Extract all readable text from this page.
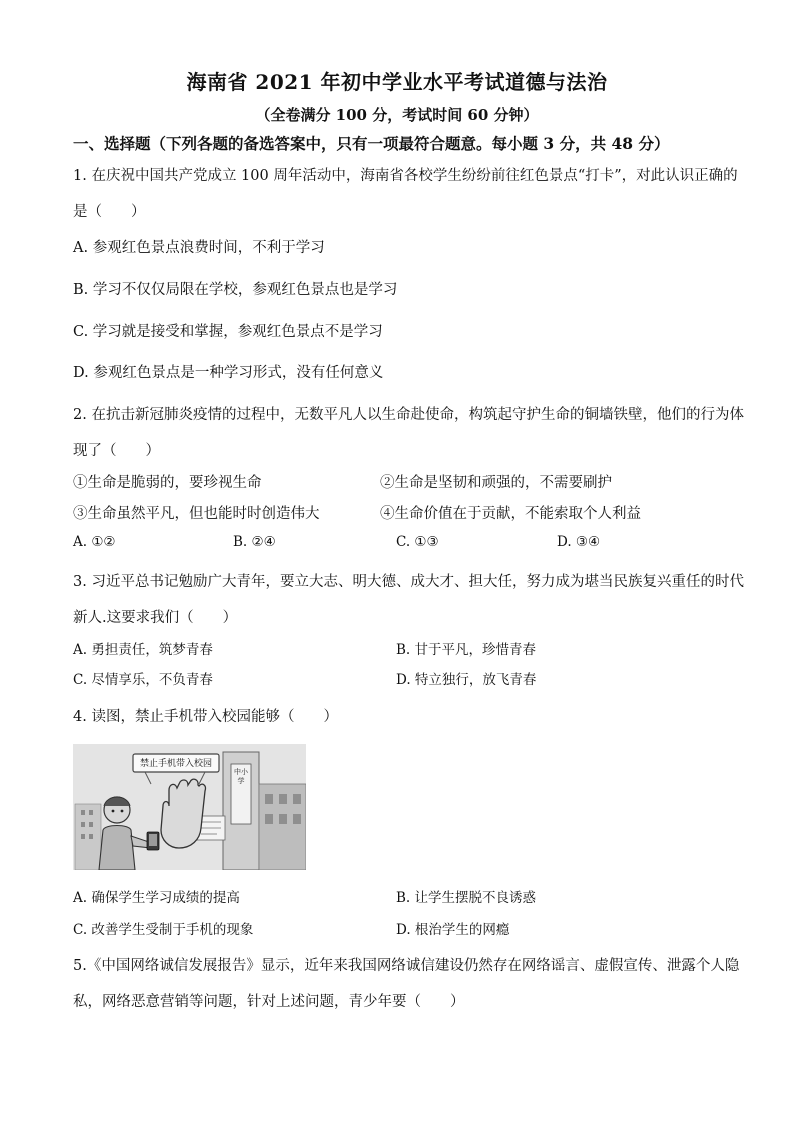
海南省 2021 年初中学业水平考试道德与法治
（全卷满分 100 分，考试时间 60 分钟）
一、选择题（下列各题的备选答案中，只有一项最符合题意。每小题 3 分，共 48 分）
1. 在庆祝中国共产党成立 100 周年活动中，海南省各校学生纷纷前往红色景点“打卡”，对此认识正确的
是（　　）
A. 参观红色景点浪费时间，不利于学习
B. 学习不仅仅局限在学校，参观红色景点也是学习
C. 学习就是接受和掌握，参观红色景点不是学习
D. 参观红色景点是一种学习形式，没有任何意义
2. 在抗击新冠肺炎疫情的过程中，无数平凡人以生命赴使命，构筑起守护生命的铜墙铁壁，他们的行为体
现了（　　）
①生命是脆弱的，要珍视生命	②生命是坚韧和顽强的，不需要刷护
③生命虽然平凡，但也能时时创造伟大	④生命价值在于贡献，不能索取个人利益
A. ①②	B. ②④	C. ①③	D. ③④
3. 习近平总书记勉励广大青年，要立大志、明大德、成大才、担大任，努力成为堪当民族复兴重任的时代
新人.这要求我们（　　）
A. 勇担责任，筑梦青春	B. 甘于平凡，珍惜青春
C. 尽情享乐，不负青春	D. 特立独行，放飞青春
4. 读图，禁止手机带入校园能够（　　）
禁止手机带入校园
中小学
A. 确保学生学习成绩的提高	B. 让学生摆脱不良诱惑
C. 改善学生受制于手机的现象	D. 根治学生的网瘾
5.《中国网络诚信发展报告》显示，近年来我国网络诚信建设仍然存在网络谣言、虚假宣传、泄露个人隐
私，网络恶意营销等问题，针对上述问题，青少年要（　　）
